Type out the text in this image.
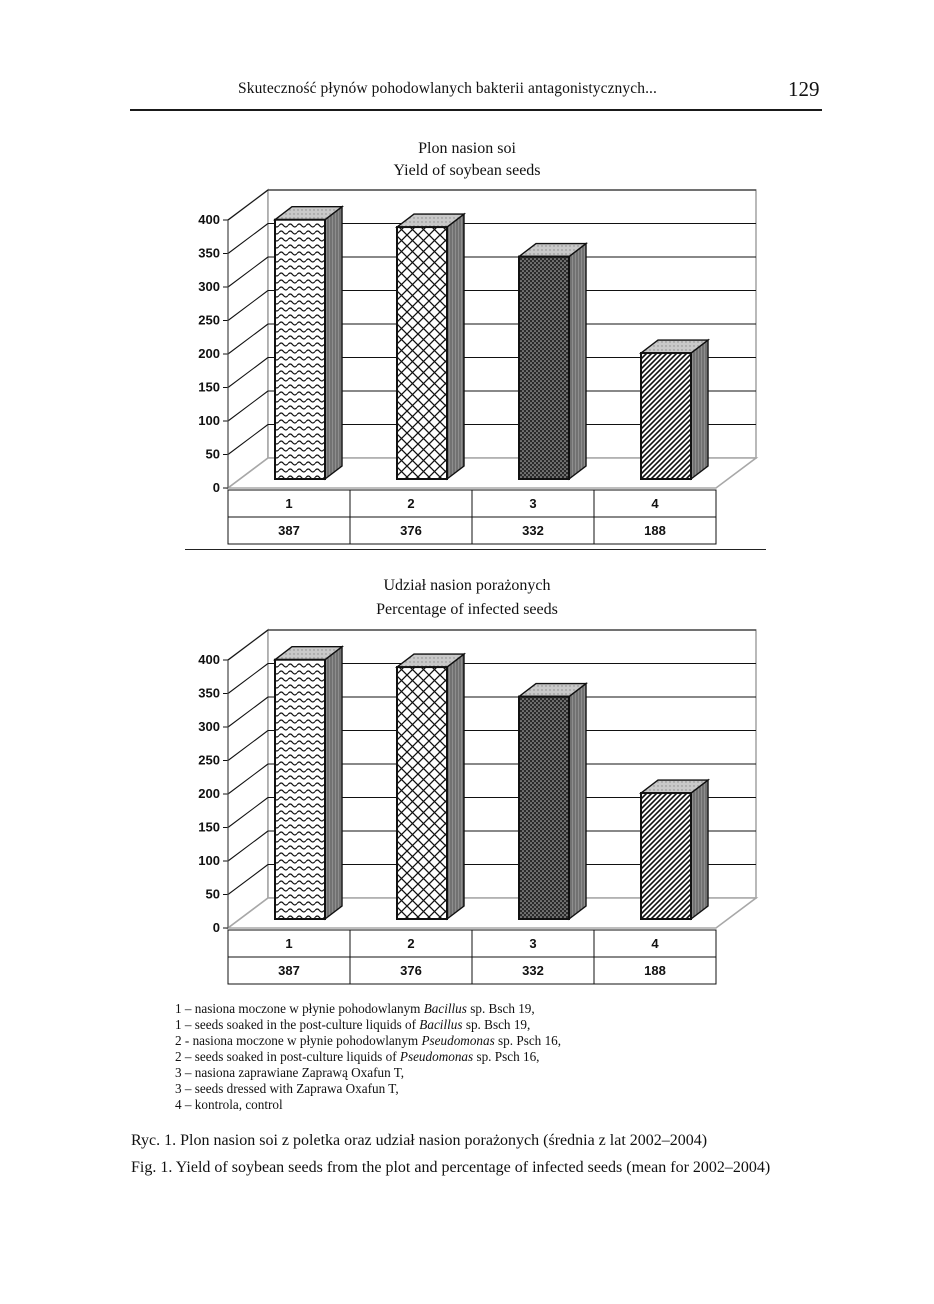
Skuteczność płynów pohodowlanych bakterii antagonistycznych...	129
Plon nasion soi
Yield of soybean seeds
0
50
100
150
200
250
300
350
400
1
387
2
376
3
332
4
188
Udział nasion porażonych
Percentage of infected seeds
0
50
100
150
200
250
300
350
400
1
387
2
376
3
332
4
188
1 – nasiona moczone w płynie pohodowlanym Bacillus sp. Bsch 19,
1 – seeds soaked in the post-culture liquids of Bacillus sp. Bsch 19,
2 - nasiona moczone w płynie pohodowlanym Pseudomonas sp. Psch 16,
2 – seeds soaked in post-culture liquids of Pseudomonas sp. Psch 16,
3 – nasiona zaprawiane Zaprawą Oxafun T,
3 – seeds dressed with Zaprawa Oxafun T,
4 – kontrola, control
Ryc. 1. Plon nasion soi z poletka oraz udział nasion porażonych (średnia z lat 2002–2004)
Fig. 1. Yield of soybean seeds from the plot and percentage of infected seeds (mean for 2002–2004)
